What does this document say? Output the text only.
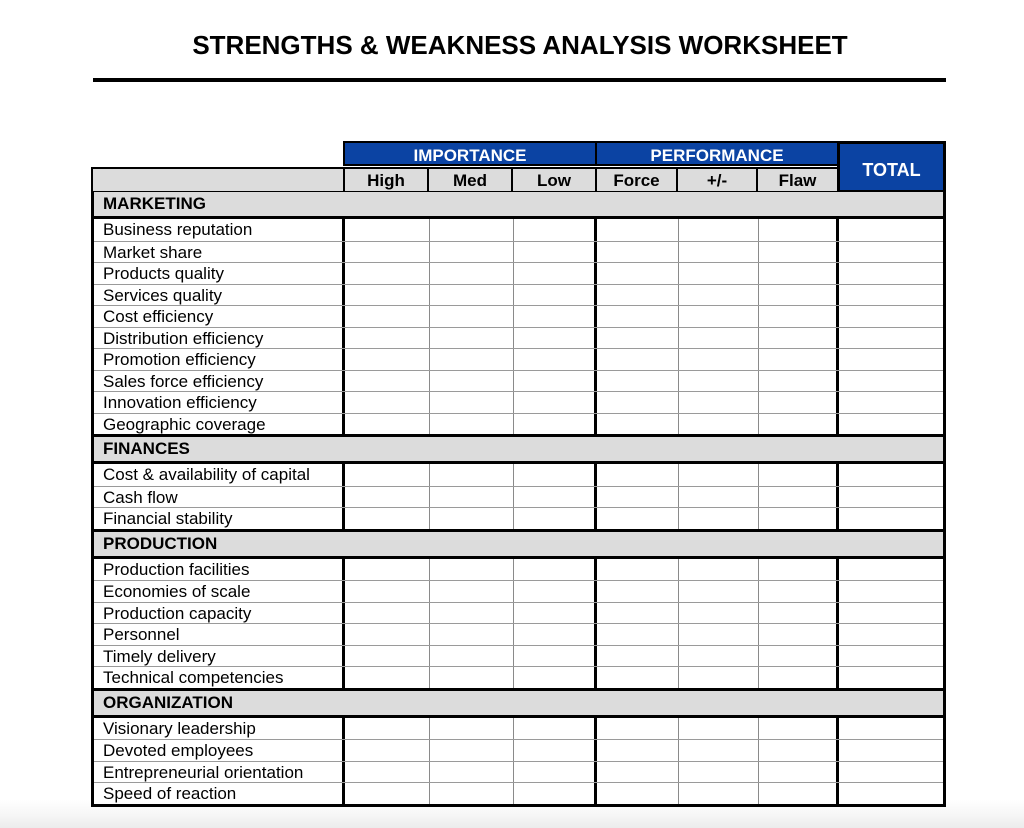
STRENGTHS & WEAKNESS ANALYSIS WORKSHEET
IMPORTANCE	PERFORMANCE
TOTAL
High	Med	Low	Force	+/-	Flaw
MARKETING
Business reputation
Market share
Products quality
Services quality
Cost efficiency
Distribution efficiency
Promotion efficiency
Sales force efficiency
Innovation efficiency
Geographic coverage
FINANCES
Cost & availability of capital
Cash flow
Financial stability
PRODUCTION
Production facilities
Economies of scale
Production capacity
Personnel
Timely delivery
Technical competencies
ORGANIZATION
Visionary leadership
Devoted employees
Entrepreneurial orientation
Speed of reaction
